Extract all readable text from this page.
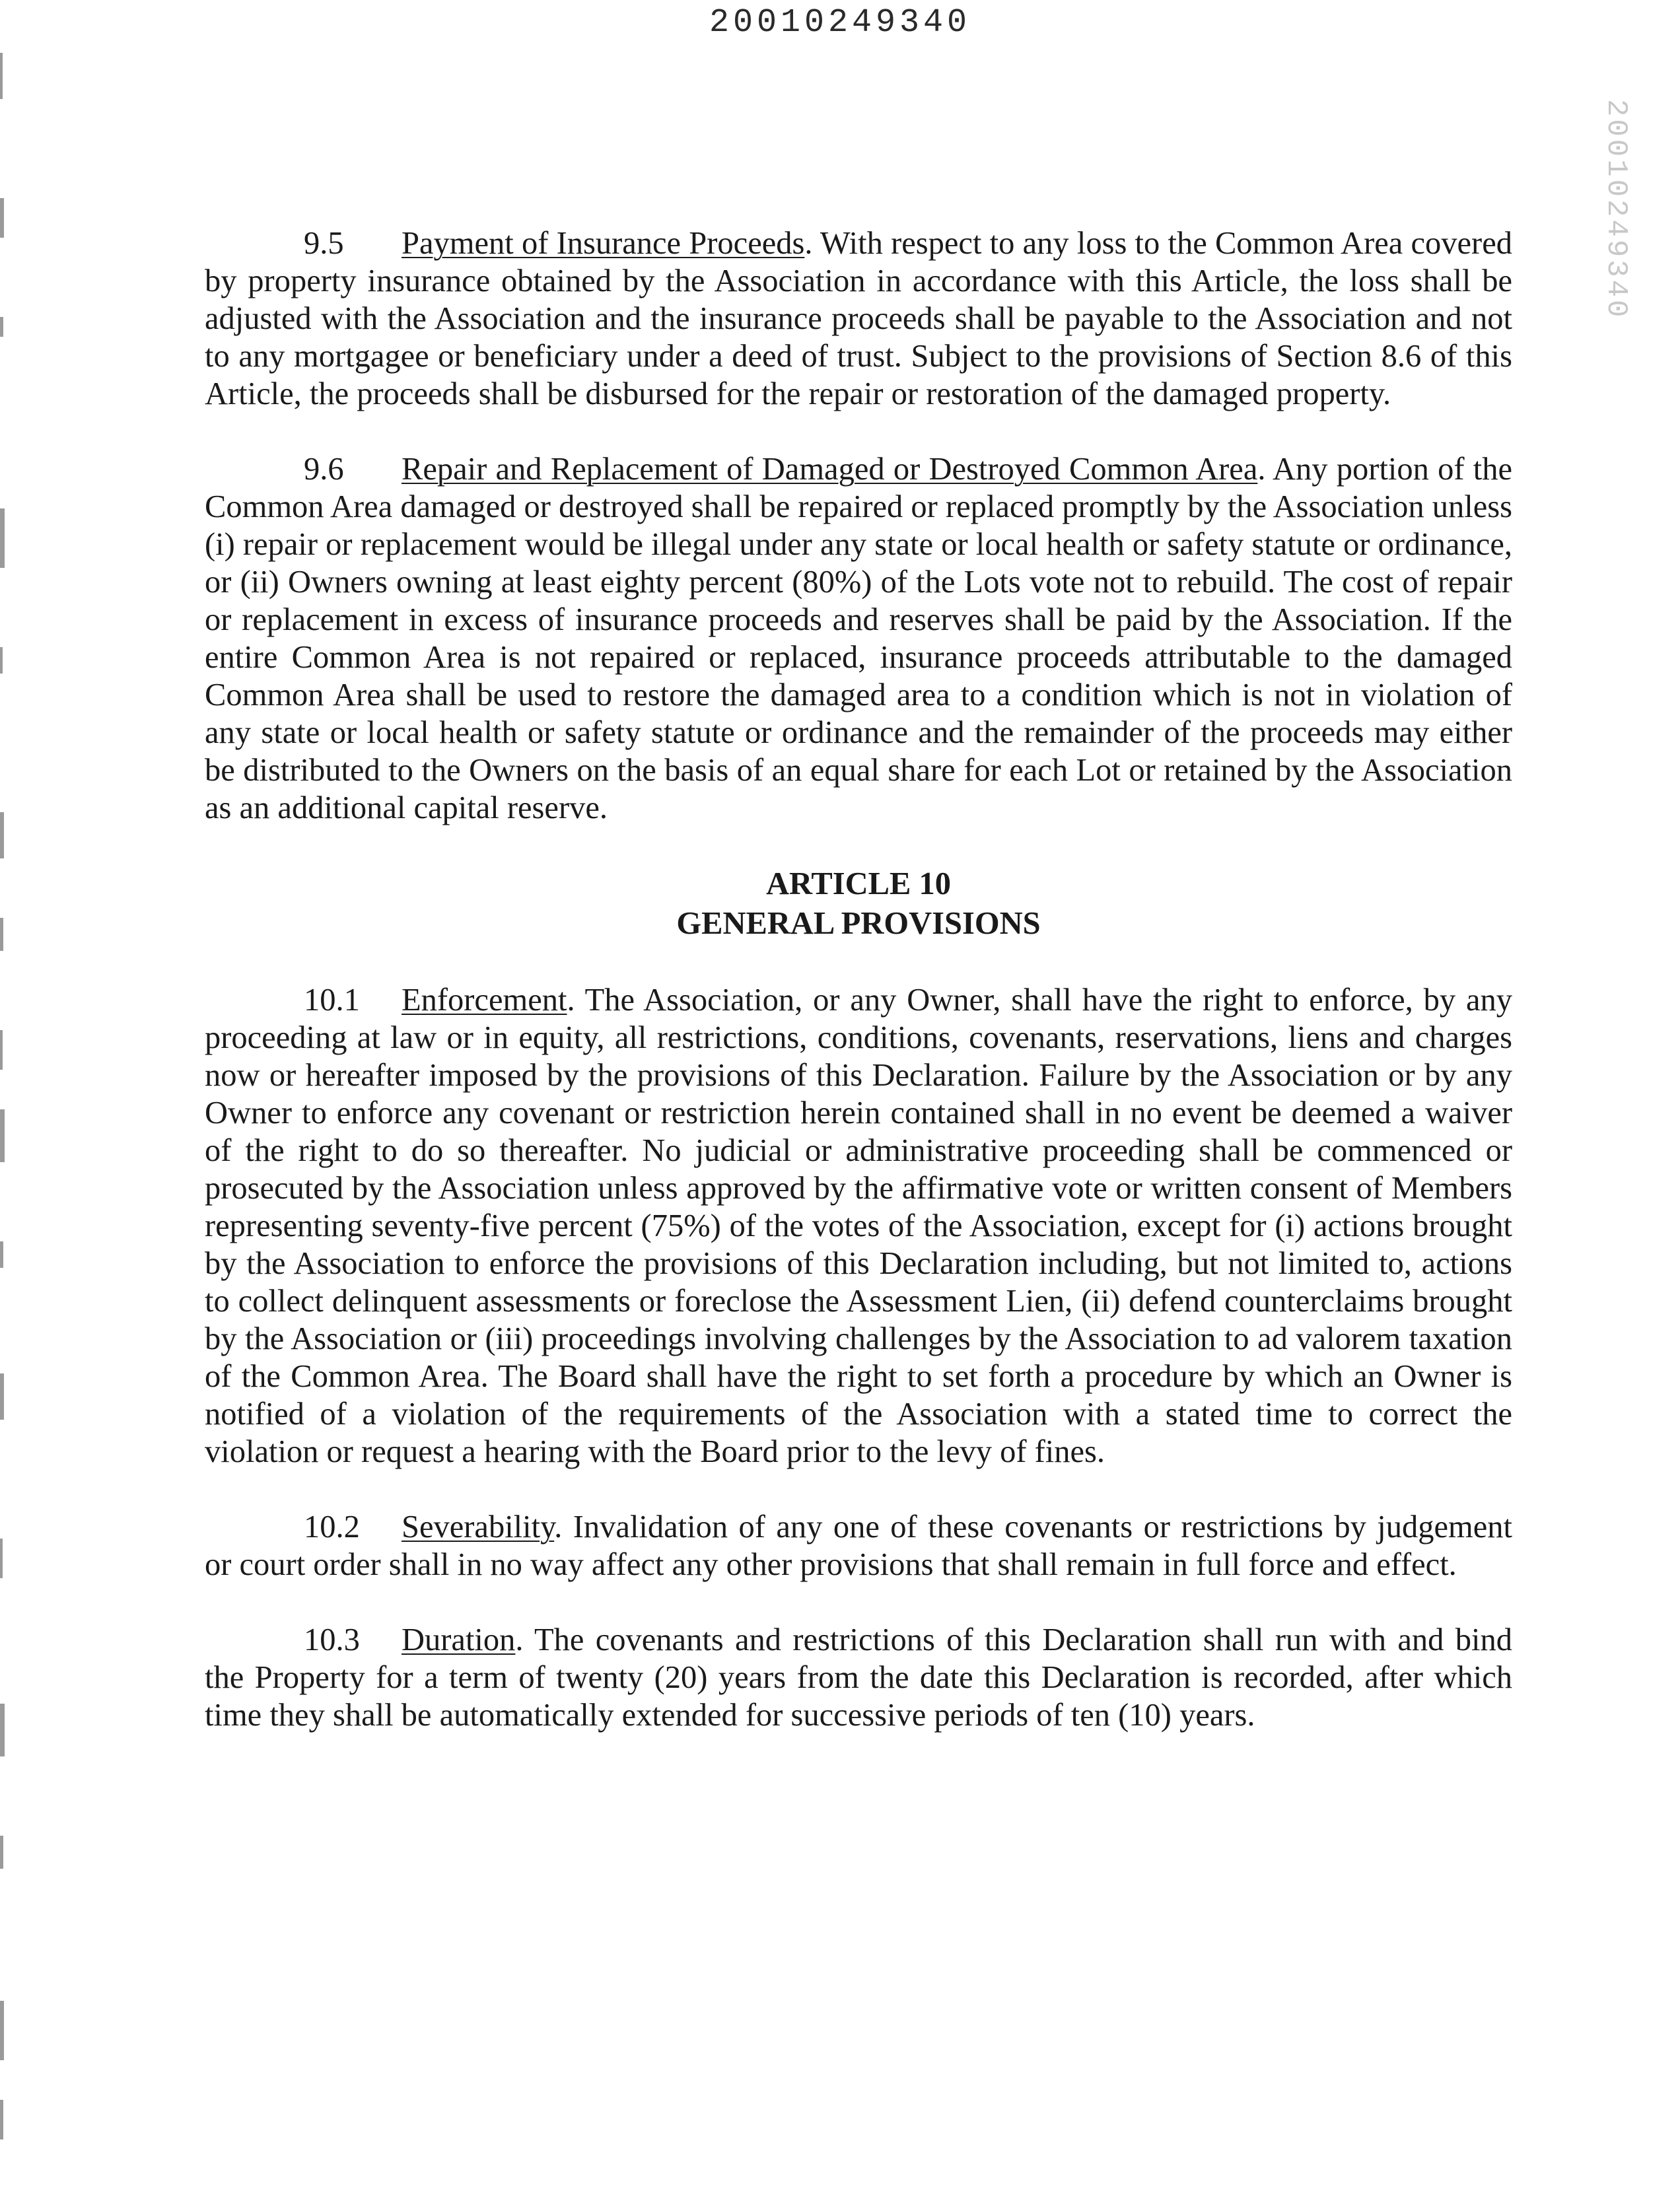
20010249340
20010249340

9.5 Payment of Insurance Proceeds. With respect to any loss to the Common Area covered by property insurance obtained by the Association in accordance with this Article, the loss shall be adjusted with the Association and the insurance proceeds shall be payable to the Association and not to any mortgagee or beneficiary under a deed of trust. Subject to the provisions of Section 8.6 of this Article, the proceeds shall be disbursed for the repair or restoration of the damaged property.

9.6 Repair and Replacement of Damaged or Destroyed Common Area. Any portion of the Common Area damaged or destroyed shall be repaired or replaced promptly by the Association unless (i) repair or replacement would be illegal under any state or local health or safety statute or ordinance, or (ii) Owners owning at least eighty percent (80%) of the Lots vote not to rebuild. The cost of repair or replacement in excess of insurance proceeds and reserves shall be paid by the Association. If the entire Common Area is not repaired or replaced, insurance proceeds attributable to the damaged Common Area shall be used to restore the damaged area to a condition which is not in violation of any state or local health or safety statute or ordinance and the remainder of the proceeds may either be distributed to the Owners on the basis of an equal share for each Lot or retained by the Association as an additional capital reserve.

ARTICLE 10
GENERAL PROVISIONS

10.1 Enforcement. The Association, or any Owner, shall have the right to enforce, by any proceeding at law or in equity, all restrictions, conditions, covenants, reservations, liens and charges now or hereafter imposed by the provisions of this Declaration. Failure by the Association or by any Owner to enforce any covenant or restriction herein contained shall in no event be deemed a waiver of the right to do so thereafter. No judicial or administrative proceeding shall be commenced or prosecuted by the Association unless approved by the affirmative vote or written consent of Members representing seventy-five percent (75%) of the votes of the Association, except for (i) actions brought by the Association to enforce the provisions of this Declaration including, but not limited to, actions to collect delinquent assessments or foreclose the Assessment Lien, (ii) defend counterclaims brought by the Association or (iii) proceedings involving challenges by the Association to ad valorem taxation of the Common Area. The Board shall have the right to set forth a procedure by which an Owner is notified of a violation of the requirements of the Association with a stated time to correct the violation or request a hearing with the Board prior to the levy of fines.

10.2 Severability. Invalidation of any one of these covenants or restrictions by judgement or court order shall in no way affect any other provisions that shall remain in full force and effect.

10.3 Duration. The covenants and restrictions of this Declaration shall run with and bind the Property for a term of twenty (20) years from the date this Declaration is recorded, after which time they shall be automatically extended for successive periods of ten (10) years.
